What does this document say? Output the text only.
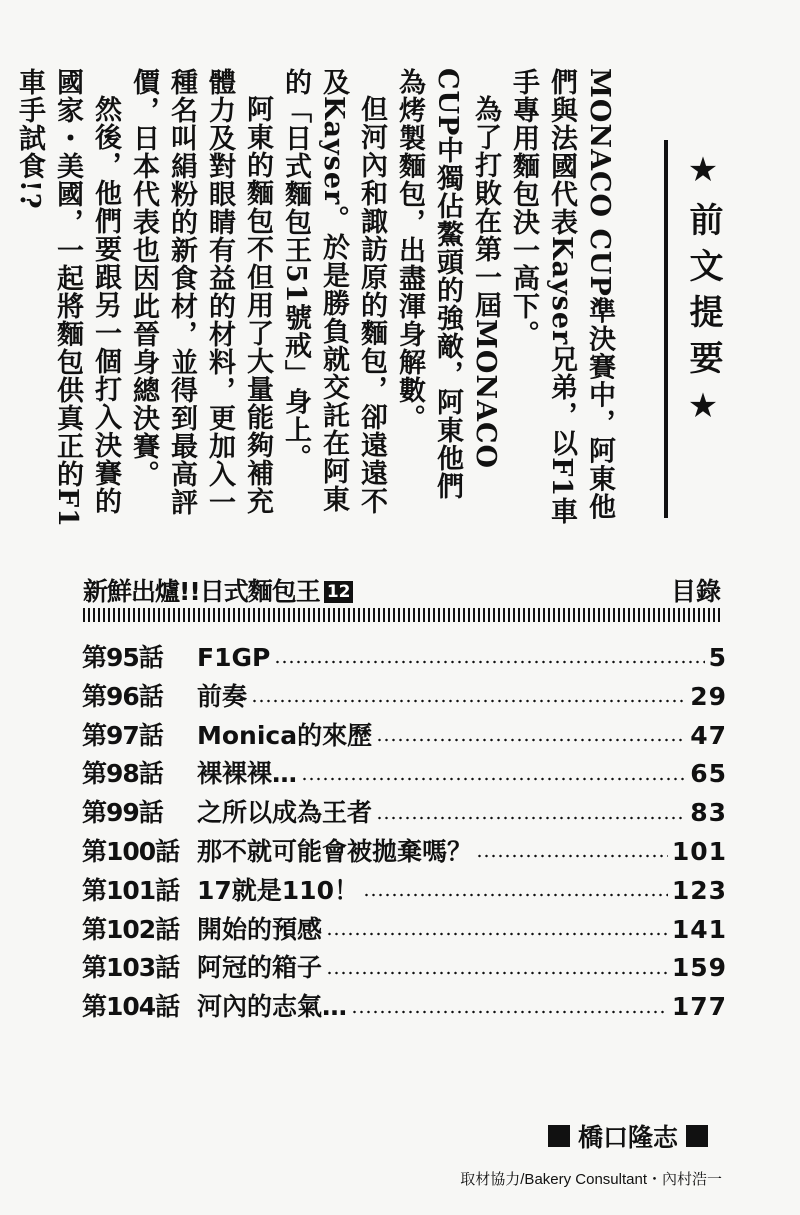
★前文提要★

MONACO CUP準決賽中，阿東他們與法國代表Kayser兄弟，以F1車手專用麵包決一高下。

為了打敗在第一屆MONACO CUP中獨佔鰲頭的強敵，阿東他們為烤製麵包，出盡渾身解數。

但河內和諏訪原的麵包，卻遠遠不及Kayser。於是勝負就交託在阿東的「日式麵包王51號戒」身上。

阿東的麵包不但用了大量能夠補充體力及對眼睛有益的材料，更加入一種名叫絹粉的新食材，並得到最高評價，日本代表也因此晉身總決賽。

然後，他們要跟另一個打入決賽的國家・美國，一起將麵包供真正的F1車手試食!?

新鮮出爐!!日式麵包王 12	目錄
第95話	F1GP	5
第96話	前奏	29
第97話	Monica的來歷	47
第98話	裸裸裸…	65
第99話	之所以成為王者	83
第100話 那不就可能會被拋棄嗎？	101
第101話 17就是110！	123
第102話 開始的預感	141
第103話 阿冠的箱子	159
第104話 河內的志氣…	177
橋口隆志
取材協力/Bakery Consultant・內村浩一
